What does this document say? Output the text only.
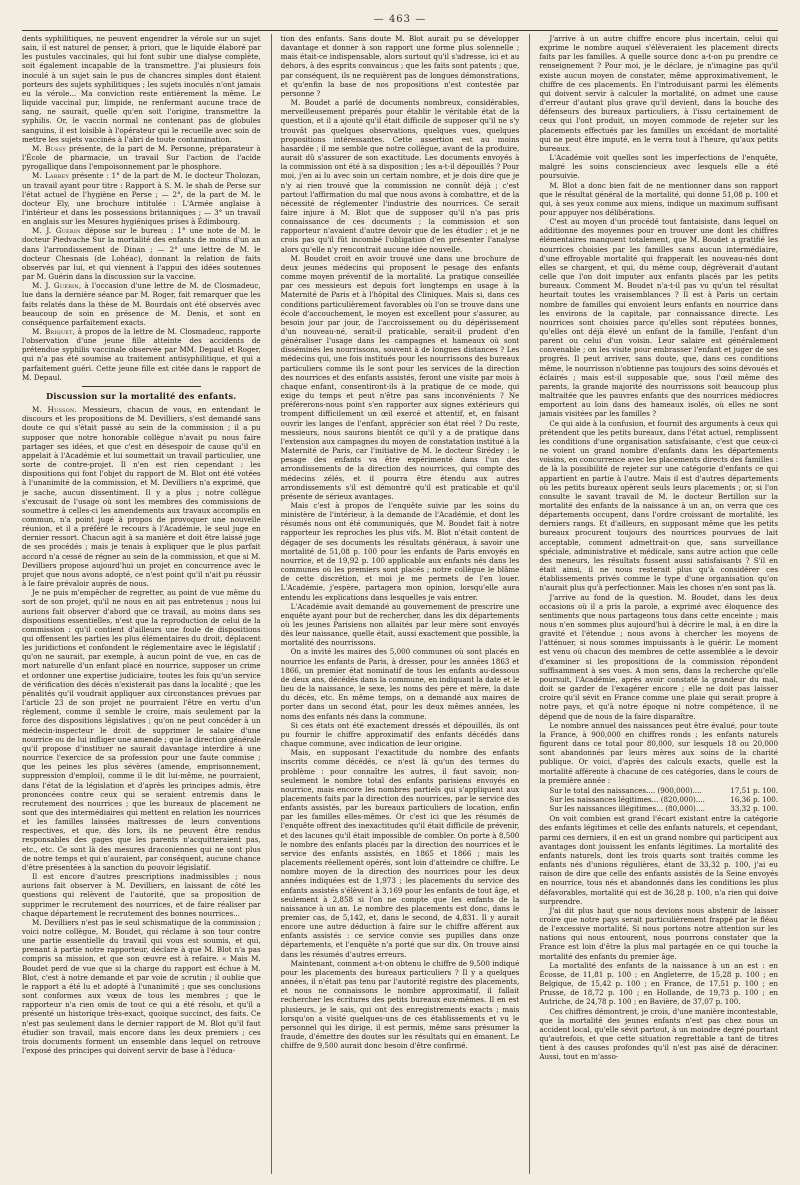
— 463 —

dents syphilitiques, ne peuvent engendrer la vérole sur un sujet sain, il est naturel de penser, à priori, que le liquide élaboré par les pustules vaccinales, qui lui font subir une dialyse complète, soit également incapable de la transmettre. J'ai plusieurs fois inoculé à un sujet sain le pus de chancres simples dont étaient porteurs des sujets syphilitiques ; les sujets inoculés n'ont jamais eu la vérole... Ma conviction reste entièrement la même. Le liquide vaccinal pur, limpide, ne renfermant aucune trace de sang, ne saurait, quelle qu'en soit l'origine, transmettre la syphilis. Or, le vaccin normal ne contenant pas de globules sanguins, il est loisible à l'opérateur qui le recueille avec soin de mettre les sujets vaccinés à l'abri de toute contamination.

M. Bussy présente, de la part de M. Personne, préparateur à l'École de pharmacie, un travail Sur l'action de l'acide pyrogallique dans l'empoisonnement par le phosphore.

M. Larrey présente : 1° de la part de M. le docteur Tholozan, un travail ayant pour titre : Rapport à S. M. le shah de Perse sur l'état actuel de l'hygiène en Perse ; — 2°, de la part de M. le docteur Ely, une brochure intitulée : L'Armée anglaise à l'intérieur et dans les possessions britanniques ; — 3° un travail en anglais sur les Mesures hygiéniques prises à Édimbourg.

M. J. Guérin dépose sur le bureau : 1° une note de M. le docteur Piedvache Sur la mortalité des enfants de moins d'un an dans l'arrondissement de Dinan ; — 2° une lettre de M. le docteur Chesnais (de Lohéac), donnant la relation de faits observés par lui, et qui viennent à l'appui des idées soutenues par M. Guérin dans la discussion sur la vaccine.

M. J. Guérin, à l'occasion d'une lettre de M. de Closmadeuc, lue dans la dernière séance par M. Roger, fait remarquer que les faits relatés dans la thèse de M. Bourdais ont été observés avec beaucoup de soin en présence de M. Denis, et sont en conséquence parfaitement exacts.

M. Briquet, à propos de la lettre de M. Closmadeuc, rapporte l'observation d'une jeune fille atteinte des accidents de prétendue syphilis vaccinale observée par MM. Depaul et Roger, qui n'a pas été soumise au traitement antisyphilitique, et qui a parfaitement guéri. Cette jeune fille est citée dans le rapport de M. Depaul.

Discussion sur la mortalité des enfants.

M. Husson. Messieurs, chacun de vous, en entendant le discours et les propositions de M. Devilliers, s'est demandé sans doute ce qui s'était passé au sein de la commission ; il a pu supposer que notre honorable collègue n'avait pu nous faire partager ses idées, et que c'est en désespoir de cause qu'il en appelait à l'Académie et lui soumettait un travail particulier, une sorte de contre-projet. Il n'en est rien cependant : les dispositions qui font l'objet du rapport de M. Blot ont été votées à l'unanimité de la commission, et M. Devilliers n'a exprimé, que je sache, aucun dissentiment. Il y a plus ; notre collègue s'excusait de l'usage où sont les membres des commissions de soumettre à celles-ci les amendements aux travaux accomplis en commun, n'a point jugé à propos de provoquer une nouvelle réunion, et il a préféré le recours à l'Académie, le seul juge en dernier ressort. Chacun agit à sa manière et doit être laissé juge de ses procédés ; mais je tenais à expliquer que le plus parfait accord n'a cessé de régner au sein de la commission, et que si M. Devilliers propose aujourd'hui un projet en concurrence avec le projet que nous avons adopté, ce n'est point qu'il n'ait pu réussir à le faire prévaloir auprès de nous.

Je ne puis m'empêcher de regretter, au point de vue même du sort de son projet, qu'il ne nous en ait pas entretenus ; nous lui aurions fait observer d'abord que ce travail, au moins dans ses dispositions essentielles, n'est que la reproduction de celui de la commission : qu'il contient d'ailleurs une foule de dispositions qui offensent les parties les plus élémentaires du droit, déplacent les juridictions et confondent le réglementaire avec le législatif ; qu'on ne saurait, par exemple, à aucun point de vue, en cas de mort naturelle d'un enfant placé en nourrice, supposer un crime et ordonner une expertise judiciaire, toutes les fois qu'un service de vérification des décès n'existerait pas dans la localité ; que les pénalités qu'il voudrait appliquer aux circonstances prévues par l'article 23 de son projet ne pourraient l'être en vertu d'un règlement, comme il semble le croire, mais seulement par la force des dispositions législatives ; qu'on ne peut concéder à un médecin-inspecteur le droit de supprimer le salaire d'une nourrice ou de lui infliger une amende ; que la direction générale qu'il propose d'instituer ne saurait davantage interdire à une nourrice l'exercice de sa profession pour une faute commise ; que les peines les plus sévères (amende, emprisonnement, suppression d'emploi), comme il le dit lui-même, ne pourraient, dans l'état de la législation et d'après les principes admis, être prononcées contre ceux qui se seraient entremis dans le recrutement des nourrices ; que les bureaux de placement ne sont que des intermédiaires qui mettent en relation les nourrices et les familles laissées maîtresses de leurs conventions respectives, et que, dès lors, ils ne peuvent être rendus responsables des gages que les parents n'acquitteraient pas, etc., etc. Ce sont là des mesures draconiennes qui ne sont plus de notre temps et qui n'auraient, par conséquent, aucune chance d'être présentées à la sanction du pouvoir législatif.

Il est encore d'autres prescriptions inadmissibles ; nous aurions fait observer à M. Devilliers, en laissant de côté les questions qui relèvent de l'autorité, que sa proposition de supprimer le recrutement des nourrices, et de faire réaliser par chaque département le recrutement des bonnes nourrices...

M. Devilliers n'est pas le seul schismatique de la commission ; voici notre collègue, M. Boudet, qui réclame à son tour contre une partie essentielle du travail qui vous est soumis, et qui, prenant à partie notre rapporteur, déclare à que M. Blot n'a pas compris sa mission, et que son œuvre est à refaire. « Mais M. Boudet perd de vue que si la charge du rapport est échue à M. Blot, c'est à notre demande et par voie de scrutin ; il oublie que le rapport a été lu et adopté à l'unanimité ; que ses conclusions sont conformes aux vœux de tous les membres ; que le rapporteur n'a rien omis de tout ce qui a été résolu, et qu'il a présenté un historique très-exact, quoique succinct, des faits. Ce n'est pas seulement dans le dernier rapport de M. Blot qu'il faut étudier son travail, mais encore dans les deux premiers ; ces trois documents forment un ensemble dans lequel on retrouve l'exposé des principes qui doivent servir de base à l'éduca-

tion des enfants. Sans doute M. Blot aurait pu se développer davantage et donner à son rapport une forme plus solennelle ; mais était-ce indispensable, alors surtout qu'il s'adresse, ici et au dehors, à des esprits convaincus ; que les faits sont patents ; que, par conséquent, ils ne requièrent pas de longues démonstrations, et qu'enfin la base de nos propositions n'est contestée par personne ?

M. Boudet a parlé de documents nombreux, considérables, merveilleusement préparés pour établir le véritable état de la question, et il a ajouté qu'il était difficile de supposer qu'il ne s'y trouvât pas quelques observations, quelques vues, quelques propositions intéressantes. Cette assertion est au moins hasardée ; il me semble que notre collègue, avant de la produire, aurait dû s'assurer de son exactitude. Les documents envoyés à la commission ont été à sa disposition ; les a-t-il dépouillés ? Pour moi, j'en ai lu avec soin un certain nombre, et je dois dire que je n'y ai rien trouvé que la commission ne connût déjà ; c'est partout l'affirmation du mal que nous avons à combattre, et de la nécessité de réglementer l'industrie des nourrices. Ce serait faire injure à M. Blot que de supposer qu'il n'a pas pris connaissance de ces documents ; la commission et son rapporteur n'avaient d'autre devoir que de les étudier ; et je ne crois pas qu'il fût incombé l'obligation d'en présenter l'analyse alors qu'elle n'y rencontrait aucune idée nouvelle.

M. Boudet croit en avoir trouvé une dans une brochure de deux jeunes médecins qui proposent le pesage des enfants comme moyen préventif de la mortalité. La pratique conseillée par ces messieurs est depuis fort longtemps en usage à la Maternité de Paris et à l'hôpital des Cliniques. Mais si, dans ces conditions particulièrement favorables où l'on se trouve dans une école d'accouchement, le moyen est excellent pour s'assurer, au besoin jour par jour, de l'accroissement ou du dépérissement d'un nouveau-né, serait-il praticable, serait-il prudent d'en généraliser l'usage dans les campagnes et hameaux où sont disséminés les nourrissons, souvent à de longues distances ? Les médecins qui, une fois institués pour les nourrissons des bureaux particuliers comme ils le sont pour les services de la direction des nourrices et des enfants assistés, feront une visite par mois à chaque enfant, consentiront-ils à la pratique de ce mode, qui exige du temps et peut n'être pas sans inconvénients ? Ne préférerons-nous point s'en rapporter aux signes extérieurs qui trompent difficilement un œil exercé et attentif, et, en faisant ouvrir les langes de l'enfant, apprécier son état réel ? Du reste, messieurs, nous saurons bientôt ce qu'il y a de pratique dans l'extension aux campagnes du moyen de constatation institué à la Maternité de Paris, car l'initiative de M. le docteur Sirédey : le pesage des enfants va être expérimenté dans l'un des arrondissements de la direction des nourrices, qui compte des médecins zélés, et il pourra être étendu aux autres arrondissements s'il est démontré qu'il est praticable et qu'il présente de sérieux avantages.

Mais c'est à propos de l'enquête suivie par les soins du ministère de l'intérieur, à la demande de l'Académie, et dont les résumés nous ont été communiqués, que M. Boudet fait à notre rapporteur les reproches les plus vifs. M. Blot n'était content de dégager de ses documents les résultats généraux, à savoir une mortalité de 51,08 p. 100 pour les enfants de Paris envoyés en nourrice, et de 19,92 p. 100 applicable aux enfants nés dans les communes où les premiers sont placés ; notre collègue le blâme de cette discrétion, et moi je me permets de l'en louer. L'Académie, j'espère, partagera mon opinion, lorsqu'elle aura entendu les explications dans lesquelles je vais entrer.

L'Académie avait demandé au gouvernement de prescrire une enquête ayant pour but de rechercher, dans les dix départements où les jeunes Parisiens non allaités par leur mère sont envoyés dès leur naissance, quelle était, aussi exactement que possible, la mortalité des nourrissons.

On a invité les maires des 5,000 communes où sont placés en nourrice les enfants de Paris, à dresser, pour les années 1863 et 1866, un premier état nominatif de tous les enfants au-dessous de deux ans, décédés dans la commune, en indiquant la date et le lieu de la naissance, le sexe, les noms des père et mère, la date du décès, etc. En même temps, on a demandé aux maires de porter dans un second état, pour les deux mêmes années, les noms des enfants nés dans la commune.

Si ces états ont été exactement dressés et dépouillés, ils ont pu fournir le chiffre approximatif des enfants décédés dans chaque commune, avec indication de leur origine.

Mais, en supposant l'exactitude du nombre des enfants inscrits comme décédés, ce n'est là qu'un des termes du problème : pour connaître les autres, il faut savoir, non-seulement le nombre total des enfants parisiens envoyés en nourrice, mais encore les nombres partiels qui s'appliquent aux placements faits par la direction des nourrices, par le service des enfants assistés, par les bureaux particuliers de location, enfin par les familles elles-mêmes. Or c'est ici que les résumés de l'enquête offrent des inexactitudes qu'il était difficile de prévenir, et des lacunes qu'il était impossible de combler. On porte à 8,500 le nombre des enfants placés par la direction des nourrices et le service des enfants assistés, en 1865 et 1866 ; mais les placements réellement opérés, sont loin d'atteindre ce chiffre. Le nombre moyen de la direction des nourrices pour les deux années indiquées est de 1,973 ; les placements du service des enfants assistés s'élèvent à 3,169 pour les enfants de tout âge, et seulement à 2,858 si l'on ne compte que les enfants de la naissance à un an. Le nombre des placements est donc, dans le premier cas, de 5,142, et, dans le second, de 4,831. Il y aurait encore une autre déduction à faire sur le chiffre afférent aux enfants assistés : ce service convie ses pupilles dans onze départements, et l'enquête n'a porté que sur dix. On trouve ainsi dans les résumés d'autres erreurs.

Maintenant, comment a-t-on obtenu le chiffre de 9,500 indiqué pour les placements des bureaux particuliers ? Il y a quelques années, il n'était pas tenu par l'autorité registre des placements, et nous ne connaissons le nombre approximatif, il fallait rechercher les écritures des petits bureaux eux-mêmes. Il en est plusieurs, je le sais, qui ont des enregistrements exacts ; mais lorsqu'on a visité quelques-uns de ces établissements et vu le personnel qui les dirige, il est permis, même sans présumer la fraude, d'émettre des doutes sur les résultats qui en émanent. Le chiffre de 9,500 aurait donc besoin d'être confirmé.

J'arrive à un autre chiffre encore plus incertain, celui qui exprime le nombre auquel s'élèveraient les placement directs faits par les familles. A quelle source donc a-t-on pu prendre ce renseignement ? Pour moi, je le déclare, je n'imagine pas qu'il existe aucun moyen de constater, même approximativement, le chiffre de ces placements. En l'introduisant parmi les éléments qui doivent servir à calculer la mortalité, on admet une cause d'erreur d'autant plus grave qu'il devient, dans la bouche des défenseurs des bureaux particuliers, à l'issu certainement de ceux qui l'ont produit, un moyen commode de rejeter sur les placements effectués par les familles un excédant de mortalité qui ne peut être imputé, en le verra tout à l'heure, qu'aux petits bureaux.

L'Académie voit quelles sont les imperfections de l'enquête, malgré les soins consciencieux avec lesquels elle a été poursuivie.

M. Blot a donc bien fait de ne mentionner dans son rapport que le résultat général de la mortalité, qui donne 51,08 p. 100 et qui, à ses yeux comme aux miens, indique un maximum suffisant pour appuyer nos délibérations.

C'est au moyen d'un procédé tout fantaisiste, dans lequel on additionne des moyennes pour en trouver une dont les chiffres élémentaires manquent totalement, que M. Boudet a gratifié les nourrices choisies par les familles sans aucun intermédiaire, d'une effroyable mortalité qui frapperait les nouveau-nés dont elles se chargent, et qui, du même coup, dégrèverait d'autant celle que l'on doit imputer aux enfants placés par les petits bureaux. Comment M. Boudet n'a-t-il pas vu qu'un tel résultat heurtait toutes les vraisemblances ? Il est à Paris un certain nombre de familles qui envoient leurs enfants en nourrice dans les environs de la capitale, par connaissance directe. Les nourrices sont choisies parce qu'elles sont réputées bonnes, qu'elles ont déjà élevé un enfant de la famille, l'enfant d'un parent ou celui d'un voisin. Leur salaire est généralement convenable ; on les visite pour embrasser l'enfant et juger de ses progrès. Il peut arriver, sans doute, que, dans ces conditions même, le nourrisson n'obtienne pas toujours des soins dévoués et éclairés ; mais est-il supposable que, sous l'œil même des parents, la grande majorité des nourrissons soit beaucoup plus maltraitée que les pauvres enfants que des nourrices médiocres emportent au loin dans des hameaux isolés, où elles ne sont jamais visitées par les familles ?

Ce qui aide à la confusion, et fournit des arguments à ceux qui prétendent que les petits bureaux, dans l'état actuel, remplissent les conditions d'une organisation satisfaisante, c'est que ceux-ci ne voient un grand nombre d'enfants dans les départements voisins, en concurrence avec les placements directs des familles : de là la possibilité de rejeter sur une catégorie d'enfants ce qui appartient en partie à l'autre. Mais il est d'autres départements où les petits bureaux opèrent seuls leurs placements ; or, si l'on consulte le savant travail de M. le docteur Bertillon sur la mortalité des enfants de la naissance à un an, on verra que ces départements occupent, dans l'ordre croissant de mortalité, les derniers rangs. Et d'ailleurs, en supposant même que les petits bureaux procurent toujours des nourrices pourvues de lait acceptable, comment admettrait-on que, sans surveillance spéciale, administrative et médicale, sans autre action que celle des meneurs, les résultats fussent aussi satisfaisants ? S'il en était ainsi, il ne nous resterait plus qu'à considérer ces établissements privés comme le type d'une organisation qu'on n'aurait plus qu'à perfectionner. Mais les choses n'en sont pas là.

J'arrive au fond de la question. M. Boudet, dans les deux occasions où il a pris la parole, a exprimé avec éloquence des sentiments que nous partageons tous dans cette enceinte ; mais nous n'en sommes plus aujourd'hui à décrire le mal, à en dire la gravité et l'étendue ; nous avons à chercher les moyens de l'atténuer, si nous sommes impuissants à le guérir. Le moment est venu où chacun des membres de cette assemblée a le devoir d'examiner si les propositions de la commission répondent suffisamment à ses vues. A mon sens, dans la recherche qu'elle poursuit, l'Académie, après avoir constaté la grandeur du mal, doit se garder de l'exagérer encore ; elle ne doit pas laisser croire qu'il sévit en France comme une plaie qui serait propre à notre pays, et qu'à notre époque ni notre compétence, il ne dépend que de nous de la faire disparaître.

Le nombre annuel des naissances peut être évalué, pour toute la France, à 900,000 en chiffres ronds ; les enfants naturels figurent dans ce total pour 80,000, sur lesquels 18 ou 20,000 sont abandonnés par leurs mères aux soins de la charité publique. Or voici, d'après des calculs exacts, quelle est la mortalité afférente à chacune de ces catégories, dans le cours de la première année :

Sur le total des naissances.... (900,000)....	17,51 p. 100.
Sur les naissances légitimes... (820,000)....	16,36 p. 100.
Sur les naissances illégitimes... (80,000)....	33,32 p. 100.

On voit combien est grand l'écart existant entre la catégorie des enfants légitimes et celle des enfants naturels, et cependant, parmi ces derniers, il en est un grand nombre qui participent aux avantages dont jouissent les enfants légitimes. La mortalité des enfants naturels, dont les trois quarts sont traités comme les enfants nés d'unions régulières, étant de 33,32 p. 100, j'ai eu raison de dire que celle des enfants assistés de la Seine envoyés en nourrice, tous nés et abandonnés dans les conditions les plus défavorables, mortalité qui est de 36,28 p. 100, n'a rien qui doive surprendre.

J'ai dit plus haut que nous devions nous abstenir de laisser croire que notre pays serait particulièrement frappé par le fléau de l'excessive mortalité. Si nous portons notre attention sur les nations qui nous entourent, nous pourrons constater que la France est loin d'être la plus mal partagée en ce qui touche la mortalité des enfants du premier âge.

La mortalité des enfants de la naissance à un an est : en Écosse, de 11,81 p. 100 ; en Angleterre, de 15,28 p. 100 ; en Belgique, de 15,42 p. 100 ; en France, de 17,51 p. 100 ; en Prusse, de 18,72 p. 100 ; en Hollande, de 19,73 p. 100 ; en Autriche, de 24,78 p. 100 ; en Bavière, de 37,07 p. 100.

Ces chiffres démontrent, je crois, d'une manière incontestable, que la mortalité des jeunes enfants n'est pas chez nous un accident local, qu'elle sévit partout, à un moindre degré pourtant qu'autrefois, et que cette situation regrettable a tant de titres tient à des causes profondes qu'il n'est pas aisé de déraciner. Aussi, tout en m'asso-
